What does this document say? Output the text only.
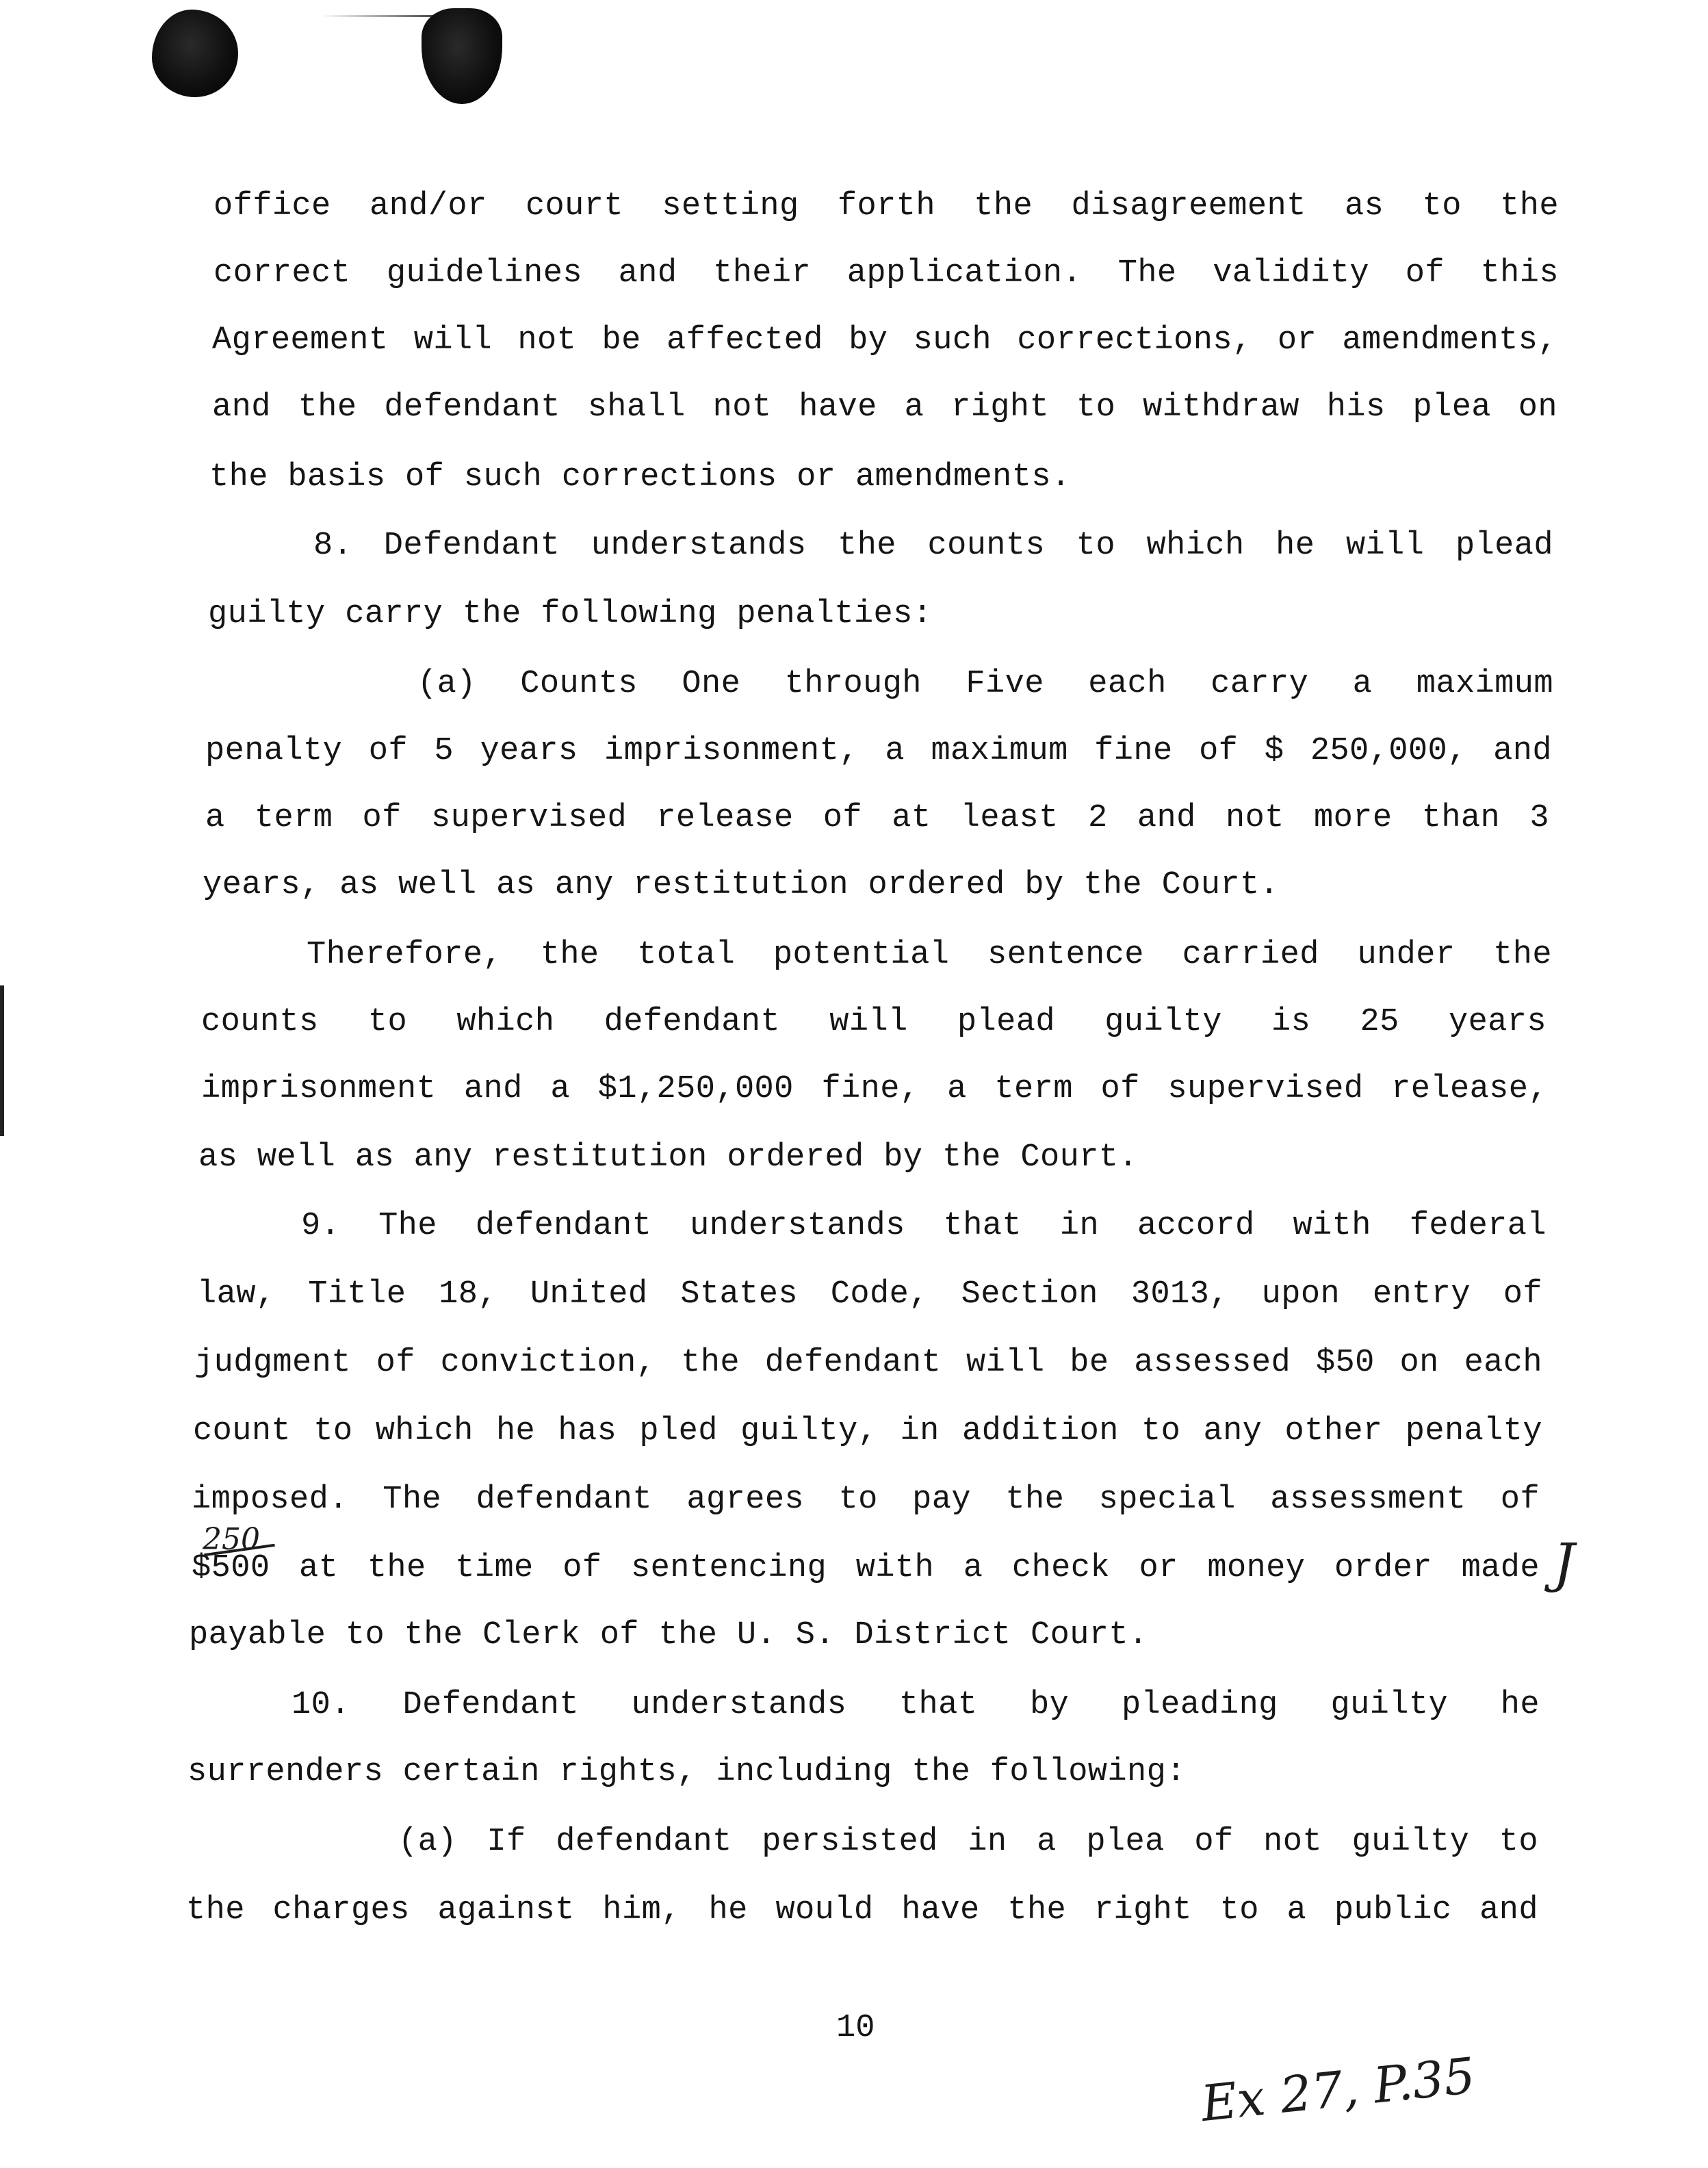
office and/or court setting forth the disagreement as to the

correct guidelines and their application. The validity of this

Agreement will not be affected by such corrections, or amendments,

and the defendant shall not have a right to withdraw his plea on

the basis of such corrections or amendments.

8. Defendant understands the counts to which he will plead

guilty carry the following penalties:

(a) Counts One through Five each carry a maximum

penalty of 5 years imprisonment, a maximum fine of $ 250,000, and

a term of supervised release of at least 2 and not more than 3

years, as well as any restitution ordered by the Court.

Therefore, the total potential sentence carried under the

counts to which defendant will plead guilty is 25 years

imprisonment and a $1,250,000 fine, a term of supervised release,

as well as any restitution ordered by the Court.

9. The defendant understands that in accord with federal

law, Title 18, United States Code, Section 3013, upon entry of

judgment of conviction, the defendant will be assessed $50 on each

count to which he has pled guilty, in addition to any other penalty

imposed. The defendant agrees to pay the special assessment of

$500 at the time of sentencing with a check or money order made

payable to the Clerk of the U. S. District Court.

10. Defendant understands that by pleading guilty he

surrenders certain rights, including the following:

(a) If defendant persisted in a plea of not guilty to

the charges against him, he would have the right to a public and

10

250	J
Ex 27, P.35
